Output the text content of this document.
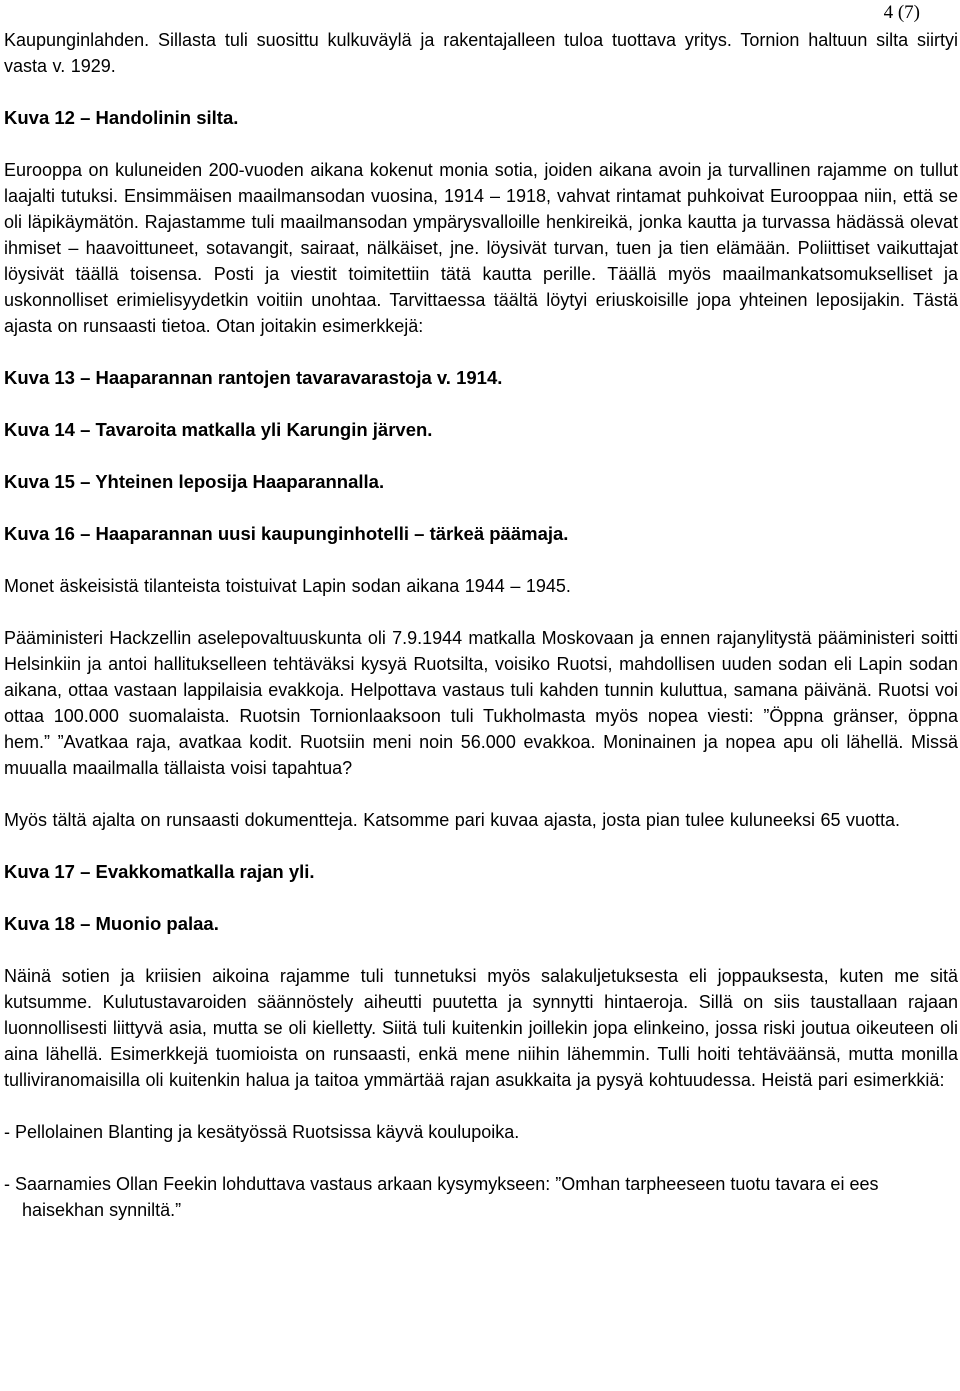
4 (7)

Kaupunginlahden. Sillasta tuli suosittu kulkuväylä ja rakentajalleen tuloa tuottava yritys. Tornion haltuun silta siirtyi vasta v. 1929.

Kuva 12 – Handolinin silta.

Eurooppa on kuluneiden 200-vuoden aikana kokenut monia sotia, joiden aikana avoin ja turvallinen rajamme on tullut laajalti tutuksi. Ensimmäisen maailmansodan vuosina, 1914 – 1918, vahvat rintamat puhkoivat Eurooppaa niin, että se oli läpikäymätön. Rajastamme tuli maailmansodan ympärysvalloille henkireikä, jonka kautta ja turvassa hädässä olevat ihmiset – haavoittuneet, sotavangit, sairaat, nälkäiset, jne. löysivät turvan, tuen ja tien elämään. Poliittiset vaikuttajat löysivät täällä toisensa. Posti ja viestit toimitettiin tätä kautta perille. Täällä myös maailmankatsomukselliset ja uskonnolliset erimielisyydetkin voitiin unohtaa. Tarvittaessa täältä löytyi eriuskoisille jopa yhteinen leposijakin. Tästä ajasta on runsaasti tietoa. Otan joitakin esimerkkejä:

Kuva 13 – Haaparannan rantojen tavaravarastoja v. 1914.

Kuva 14 – Tavaroita matkalla yli Karungin järven.

Kuva 15 – Yhteinen leposija Haaparannalla.

Kuva 16 – Haaparannan uusi kaupunginhotelli – tärkeä päämaja.

Monet äskeisistä tilanteista toistuivat Lapin sodan aikana 1944 – 1945.

Pääministeri Hackzellin aselepovaltuuskunta oli 7.9.1944 matkalla Moskovaan ja ennen rajanylitystä pääministeri soitti Helsinkiin ja antoi hallitukselleen tehtäväksi kysyä Ruotsilta, voisiko Ruotsi, mahdollisen uuden sodan eli Lapin sodan aikana, ottaa vastaan lappilaisia evakkoja. Helpottava vastaus tuli kahden tunnin kuluttua, samana päivänä. Ruotsi voi ottaa 100.000 suomalaista. Ruotsin Tornionlaaksoon tuli Tukholmasta myös nopea viesti: ”Öppna gränser, öppna hem.” ”Avatkaa raja, avatkaa kodit. Ruotsiin meni noin 56.000 evakkoa. Moninainen ja nopea apu oli lähellä. Missä muualla maailmalla tällaista voisi tapahtua?

Myös tältä ajalta on runsaasti dokumentteja. Katsomme pari kuvaa ajasta, josta pian tulee kuluneeksi 65 vuotta.

Kuva 17 – Evakkomatkalla rajan yli.

Kuva 18 – Muonio palaa.

Näinä sotien ja kriisien aikoina rajamme tuli tunnetuksi myös salakuljetuksesta eli joppauksesta, kuten me sitä kutsumme. Kulutustavaroiden säännöstely aiheutti puutetta ja synnytti hintaeroja. Sillä on siis taustallaan rajaan luonnollisesti liittyvä asia, mutta se oli kielletty. Siitä tuli kuitenkin joillekin jopa elinkeino, jossa riski joutua oikeuteen oli aina lähellä. Esimerkkejä tuomioista on runsaasti, enkä mene niihin lähemmin. Tulli hoiti tehtäväänsä, mutta monilla tulliviranomaisilla oli kuitenkin halua ja taitoa ymmärtää rajan asukkaita ja pysyä kohtuudessa. Heistä pari esimerkkiä:

- Pellolainen Blanting ja kesätyössä Ruotsissa käyvä koulupoika.

- Saarnamies Ollan Feekin lohduttava vastaus arkaan kysymykseen: ”Omhan tarpheeseen tuotu tavara ei ees haisekhan synniltä.”
